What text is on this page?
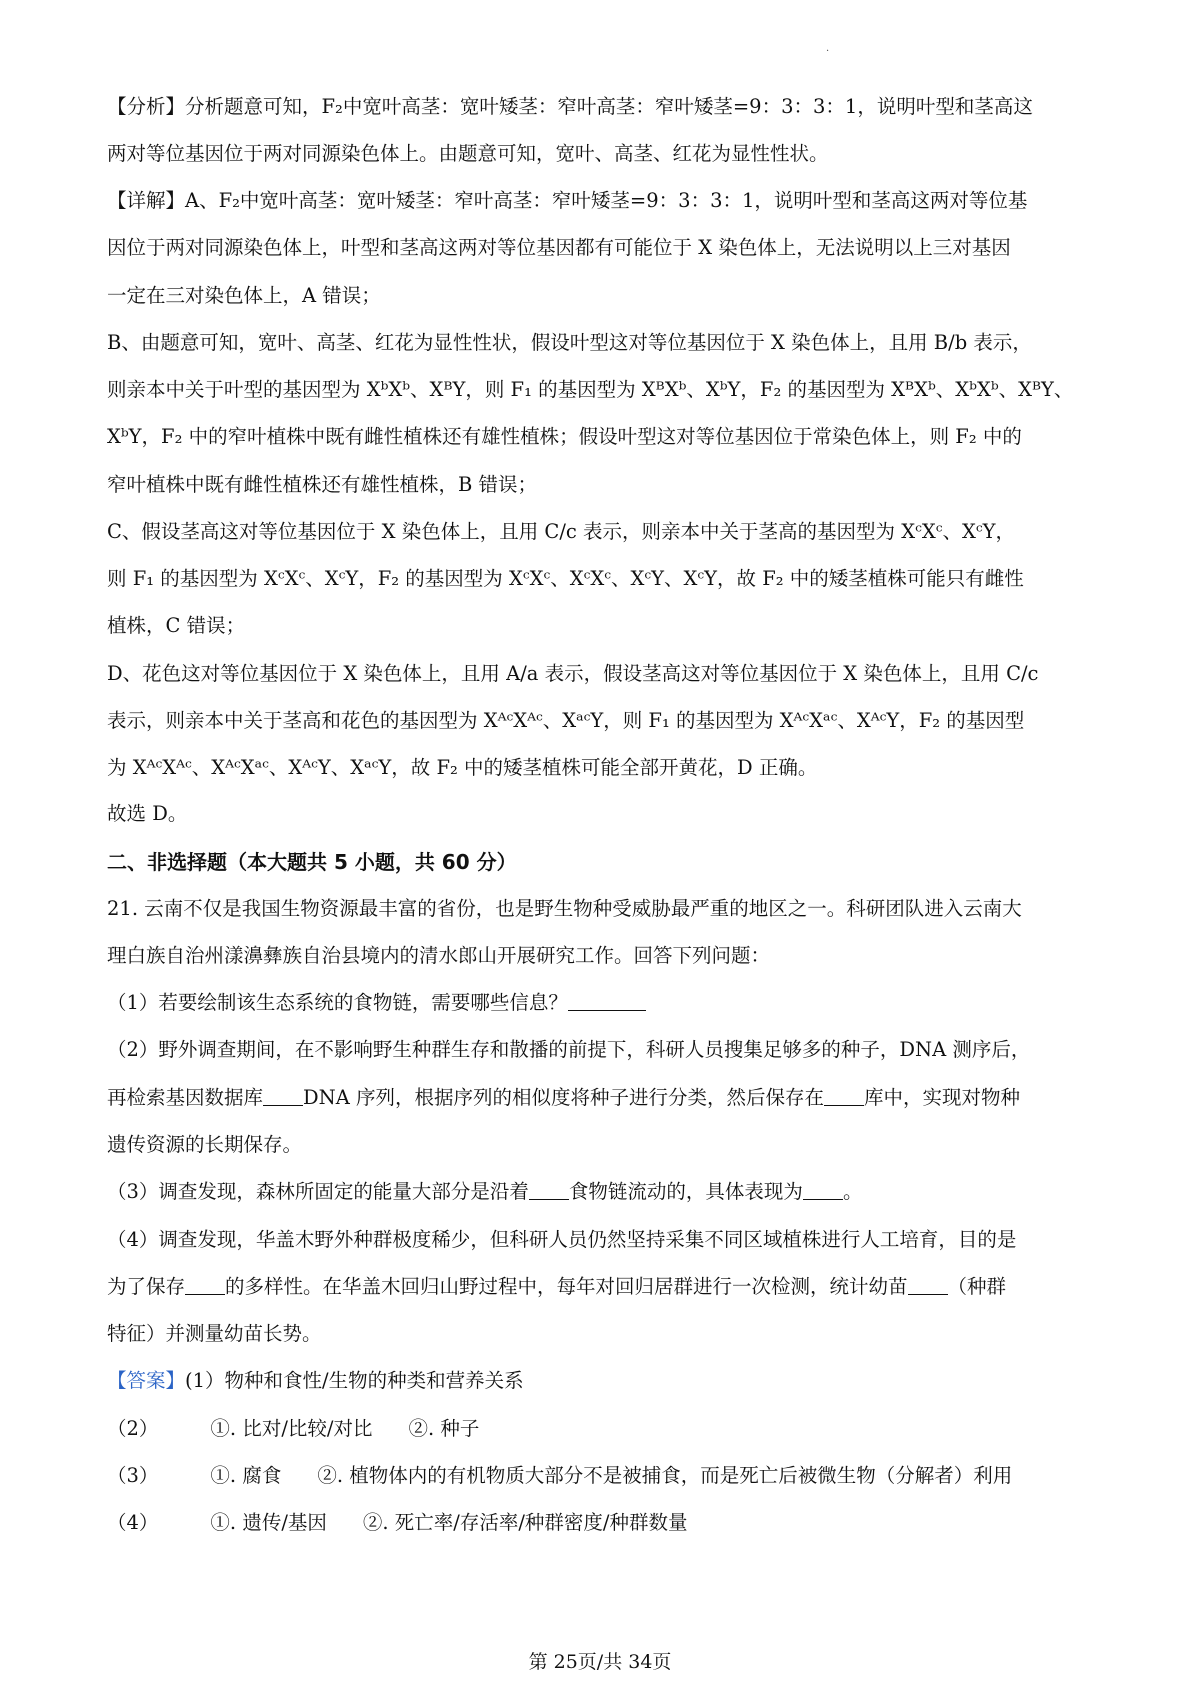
·
【分析】分析题意可知，F₂中宽叶高茎：宽叶矮茎：窄叶高茎：窄叶矮茎=9：3：3：1，说明叶型和茎高这
两对等位基因位于两对同源染色体上。由题意可知，宽叶、高茎、红花为显性性状。
【详解】A、F₂中宽叶高茎：宽叶矮茎：窄叶高茎：窄叶矮茎=9：3：3：1，说明叶型和茎高这两对等位基
因位于两对同源染色体上，叶型和茎高这两对等位基因都有可能位于 X 染色体上，无法说明以上三对基因
一定在三对染色体上，A 错误；
B、由题意可知，宽叶、高茎、红花为显性性状，假设叶型这对等位基因位于 X 染色体上，且用 B/b 表示，
则亲本中关于叶型的基因型为 XᵇXᵇ、XᴮY，则 F₁ 的基因型为 XᴮXᵇ、XᵇY，F₂ 的基因型为 XᴮXᵇ、XᵇXᵇ、XᴮY、
XᵇY，F₂ 中的窄叶植株中既有雌性植株还有雄性植株；假设叶型这对等位基因位于常染色体上，则 F₂ 中的
窄叶植株中既有雌性植株还有雄性植株，B 错误；
C、假设茎高这对等位基因位于 X 染色体上，且用 C/c 表示，则亲本中关于茎高的基因型为 XᶜXᶜ、XᶜY，
则 F₁ 的基因型为 XᶜXᶜ、XᶜY，F₂ 的基因型为 XᶜXᶜ、XᶜXᶜ、XᶜY、XᶜY，故 F₂ 中的矮茎植株可能只有雌性
植株，C 错误；
D、花色这对等位基因位于 X 染色体上，且用 A/a 表示，假设茎高这对等位基因位于 X 染色体上，且用 C/c
表示，则亲本中关于茎高和花色的基因型为 XᴬᶜXᴬᶜ、XᵃᶜY，则 F₁ 的基因型为 XᴬᶜXᵃᶜ、XᴬᶜY，F₂ 的基因型
为 XᴬᶜXᴬᶜ、XᴬᶜXᵃᶜ、XᴬᶜY、XᵃᶜY，故 F₂ 中的矮茎植株可能全部开黄花，D 正确。
故选 D。
二、非选择题（本大题共 5 小题，共 60 分）
21. 云南不仅是我国生物资源最丰富的省份，也是野生物种受威胁最严重的地区之一。科研团队进入云南大
理白族自治州漾濞彝族自治县境内的清水郎山开展研究工作。回答下列问题：
（1）若要绘制该生态系统的食物链，需要哪些信息？
（2）野外调查期间，在不影响野生种群生存和散播的前提下，科研人员搜集足够多的种子，DNA 测序后，
再检索基因数据库 DNA 序列，根据序列的相似度将种子进行分类，然后保存在 库中，实现对物种
遗传资源的长期保存。
（3）调查发现，森林所固定的能量大部分是沿着 食物链流动的，具体表现为 。
（4）调查发现，华盖木野外种群极度稀少，但科研人员仍然坚持采集不同区域植株进行人工培育，目的是
为了保存 的多样性。在华盖木回归山野过程中，每年对回归居群进行一次检测，统计幼苗 （种群
特征）并测量幼苗长势。
【答案】(1）物种和食性/生物的种类和营养关系
（2）	①. 比对/比较/对比 ②. 种子
（3）	①. 腐食 ②. 植物体内的有机物质大部分不是被捕食，而是死亡后被微生物（分解者）利用
（4）	①. 遗传/基因 ②. 死亡率/存活率/种群密度/种群数量
第 25页/共 34页
